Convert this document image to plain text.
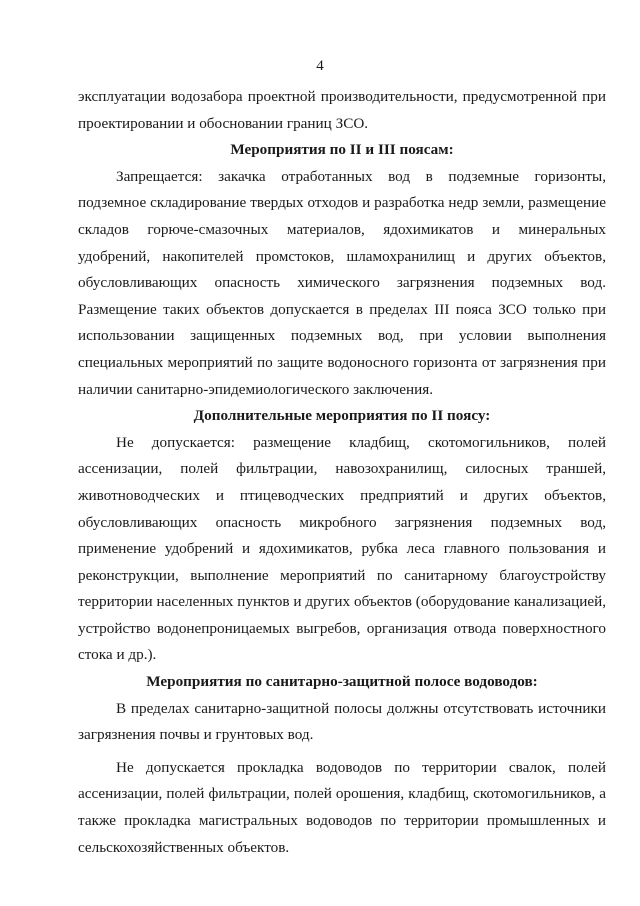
4

эксплуатации водозабора проектной производительности, предусмотренной при проектировании и обосновании границ ЗСО.

Мероприятия по II и III поясам:

Запрещается: закачка отработанных вод в подземные горизонты, подземное складирование твердых отходов и разработка недр земли, размещение складов горюче-смазочных материалов, ядохимикатов и минеральных удобрений, накопителей промстоков, шламохранилищ и других объектов, обусловливающих опасность химического загрязнения подземных вод. Размещение таких объектов допускается в пределах III пояса ЗСО только при использовании защищенных подземных вод, при условии выполнения специальных мероприятий по защите водоносного горизонта от загрязнения при наличии санитарно-эпидемиологического заключения.

Дополнительные мероприятия по II поясу:

Не допускается: размещение кладбищ, скотомогильников, полей ассенизации, полей фильтрации, навозохранилищ, силосных траншей, животноводческих и птицеводческих предприятий и других объектов, обусловливающих опасность микробного загрязнения подземных вод, применение удобрений и ядохимикатов, рубка леса главного пользования и реконструкции, выполнение мероприятий по санитарному благоустройству территории населенных пунктов и других объектов (оборудование канализацией, устройство водонепроницаемых выгребов, организация отвода поверхностного стока и др.).

Мероприятия по санитарно-защитной полосе водоводов:

В пределах санитарно-защитной полосы должны отсутствовать источники загрязнения почвы и грунтовых вод.

Не допускается прокладка водоводов по территории свалок, полей ассенизации, полей фильтрации, полей орошения, кладбищ, скотомогильников, а также прокладка магистральных водоводов по территории промышленных и сельскохозяйственных объектов.
